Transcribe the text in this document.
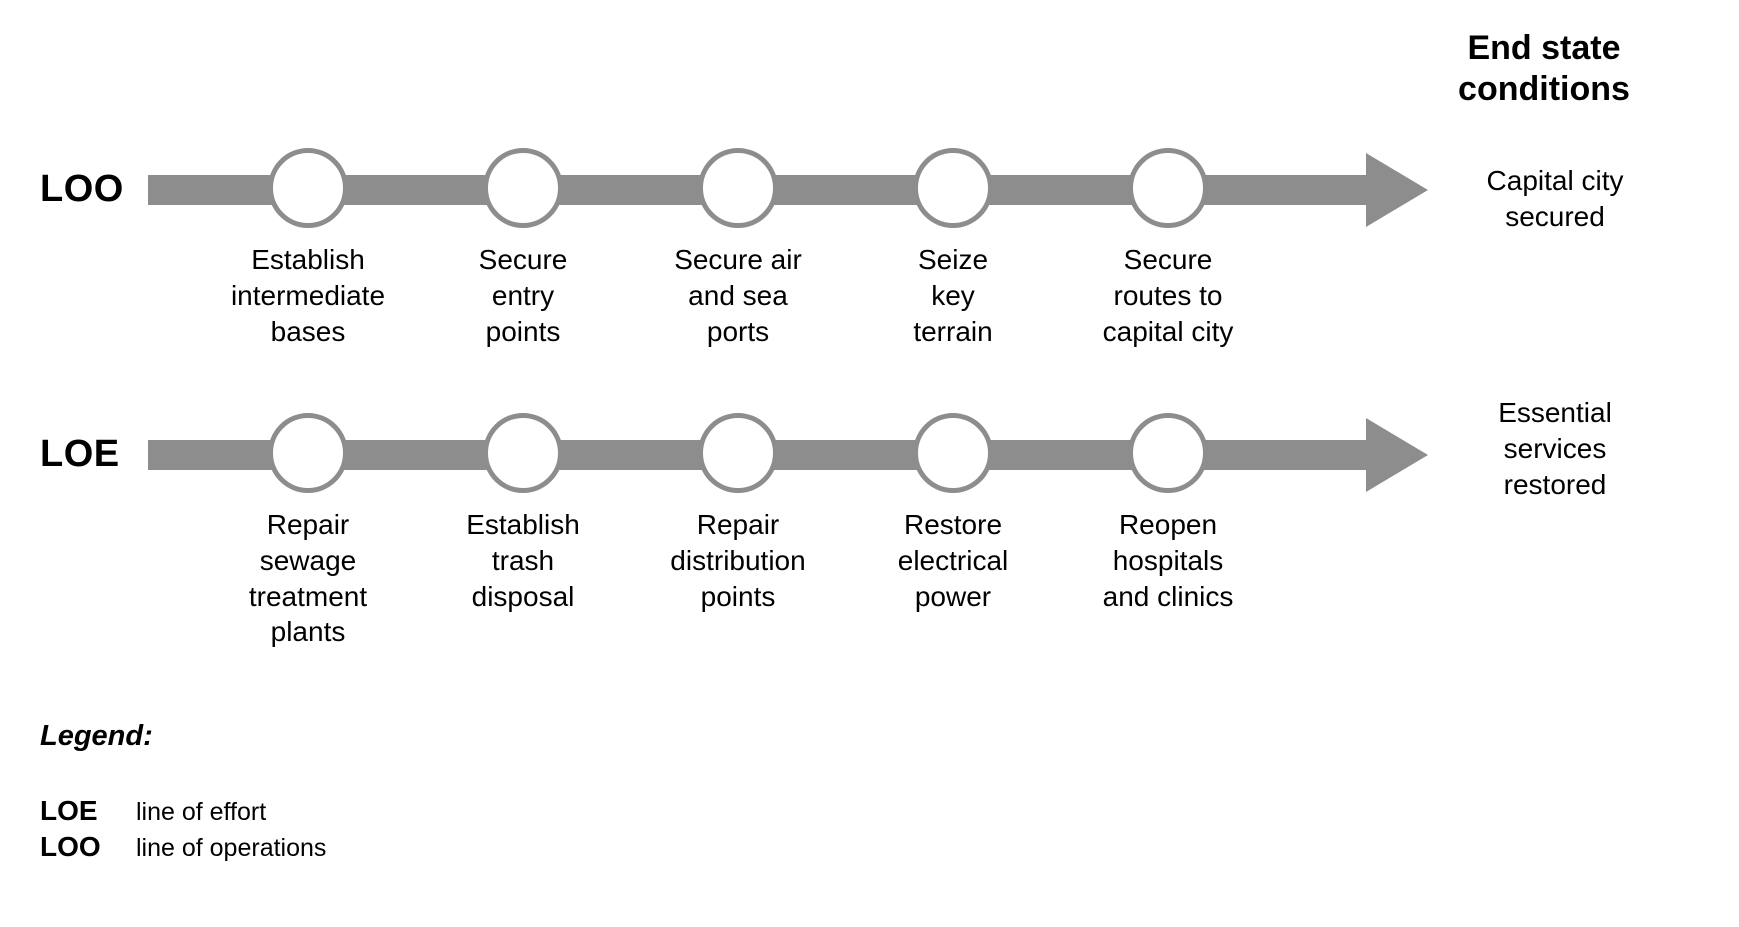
End state
conditions
LOO
Establish
intermediate
bases
Secure
entry
points
Secure air
and sea
ports
Seize
key
terrain
Secure
routes to
capital city
Capital city
secured
LOE
Repair
sewage
treatment
plants
Establish
trash
disposal
Repair
distribution
points
Restore
electrical
power
Reopen
hospitals
and clinics
Essential
services
restored
Legend:
LOE	line of effort
LOO	line of operations
